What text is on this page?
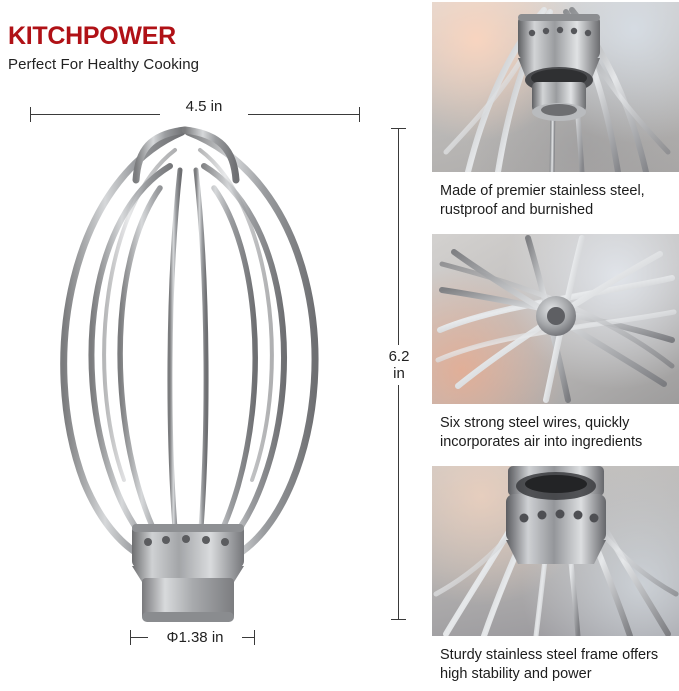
KITCHPOWER
Perfect For Healthy Cooking
4.5 in
6.2
in
Φ1.38 in
Made of premier stainless steel, rustproof and burnished
Six strong steel wires, quickly incorporates air into ingredients
Sturdy stainless steel frame offers high stability and power
